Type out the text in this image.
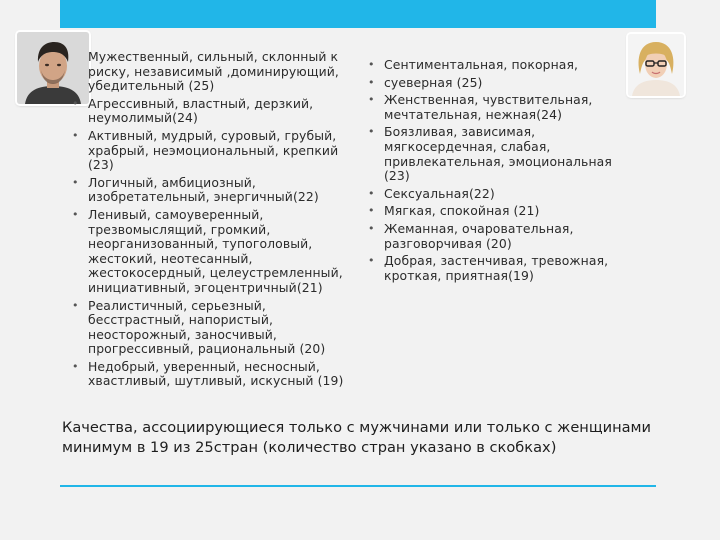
Мужественный, сильный, склонный к риску, независимый ,доминирующий, убедительный (25)
• Агрессивный, властный, дерзкий, неумолимый(24)
• Активный, мудрый, суровый, грубый, храбрый, неэмоциональный, крепкий (23)
• Логичный, амбициозный, изобретательный, энергичный(22)
• Ленивый, самоуверенный, трезвомыслящий, громкий, неорганизованный, тупоголовый, жестокий, неотесанный, жестокосердный, целеустремленный, инициативный, эгоцентричный(21)
• Реалистичный, серьезный, бесстрастный, напористый, неосторожный, заносчивый, прогрессивный, рациональный (20)
• Недобрый, уверенный, несносный, хвастливый, шутливый, искусный (19)
• Сентиментальная, покорная,
• суеверная (25)
• Женственная, чувствительная, мечтательная, нежная(24)
• Боязливая, зависимая, мягкосердечная, слабая, привлекательная, эмоциональная (23)
• Сексуальная(22)
• Мягкая, спокойная (21)
• Жеманная, очаровательная, разговорчивая (20)
• Добрая, застенчивая, тревожная, кроткая, приятная(19)
Качества, ассоциирующиеся только с мужчинами или только с женщинами минимум в 19 из 25стран (количество стран указано в скобках)
